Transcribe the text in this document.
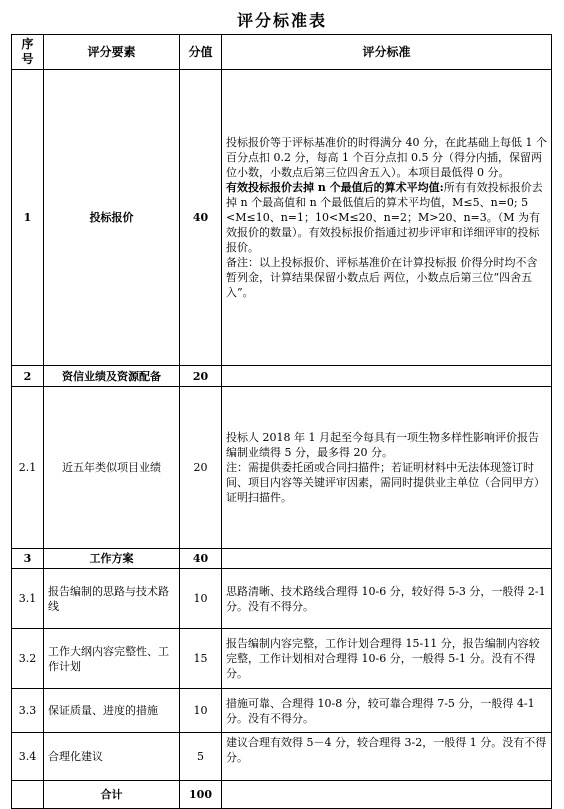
评分标准表
序号	评分要素	分值	评分标准
1	投标报价	40	投标报价等于评标基准价的时得满分 40 分，在此基础上每低 1 个百分点扣 0.2 分，每高 1 个百分点扣 0.5 分（得分内插，保留两位小数，小数点后第三位四舍五入）。本项目最低得 0 分。

有效投标报价去掉 n 个最值后的算术平均值:所有有效投标报价去掉 n 个最高值和 n 个最低值后的算术平均值，M≤5、n=0; 5 <M≤10、n=1；10<M≤20、n=2；M>20、n=3。（M 为有效报价的数量）。有效投标报价指通过初步评审和详细评审的投标报价。

备注：以上投标报价、评标基准价在计算投标报 价得分时均不含暂列金，计算结果保留小数点后 两位，小数点后第三位“四舍五入”。

2	资信业绩及资源配备	20	
2.1	近五年类似项目业绩	20	投标人 2018 年 1 月起至今每具有一项生物多样性影响评价报告编制业绩得 5 分，最多得 20 分。

注：需提供委托函或合同扫描件；若证明材料中无法体现签订时间、项目内容等关键评审因素，需同时提供业主单位（合同甲方）证明扫描件。

3	工作方案	40	
3.1	报告编制的思路与技术路线	10	思路清晰、技术路线合理得 10-6 分，较好得 5-3 分，一般得 2-1 分。没有不得分。
3.2	工作大纲内容完整性、工作计划	15	报告编制内容完整，工作计划合理得 15-11 分，报告编制内容较完整，工作计划相对合理得 10-6 分，一般得 5-1 分。没有不得分。
3.3	保证质量、进度的措施	10	措施可靠、合理得 10-8 分，较可靠合理得 7-5 分，一般得 4-1 分。没有不得分。
3.4	合理化建议	5	建议合理有效得 5－4 分，较合理得 3-2，一般得 1 分。没有不得分。
	合计	100	
